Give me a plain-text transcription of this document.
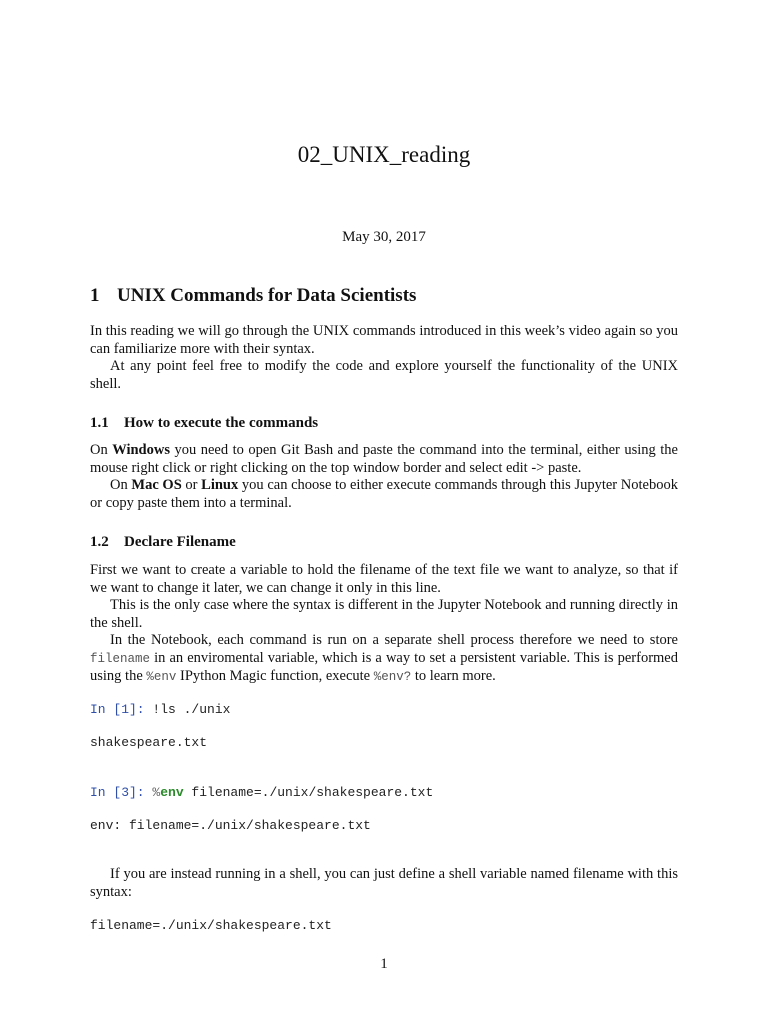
02_UNIX_reading
May 30, 2017
1 UNIX Commands for Data Scientists

In this reading we will go through the UNIX commands introduced in this week’s video again so you can familiarize more with their syntax.

At any point feel free to modify the code and explore yourself the functionality of the UNIX shell.

1.1 How to execute the commands

On Windows you need to open Git Bash and paste the command into the terminal, either using the mouse right click or right clicking on the top window border and select edit -> paste.

On Mac OS or Linux you can choose to either execute commands through this Jupyter Notebook or copy paste them into a terminal.

1.2 Declare Filename

First we want to create a variable to hold the filename of the text file we want to analyze, so that if we want to change it later, we can change it only in this line.

This is the only case where the syntax is different in the Jupyter Notebook and running directly in the shell.

In the Notebook, each command is run on a separate shell process therefore we need to store filename in an enviromental variable, which is a way to set a persistent variable. This is performed using the %env IPython Magic function, execute %env? to learn more.

In [1]: !ls ./unix
shakespeare.txt
In [3]: %env filename=./unix/shakespeare.txt
env: filename=./unix/shakespeare.txt

If you are instead running in a shell, you can just define a shell variable named filename with this syntax:

filename=./unix/shakespeare.txt
1
